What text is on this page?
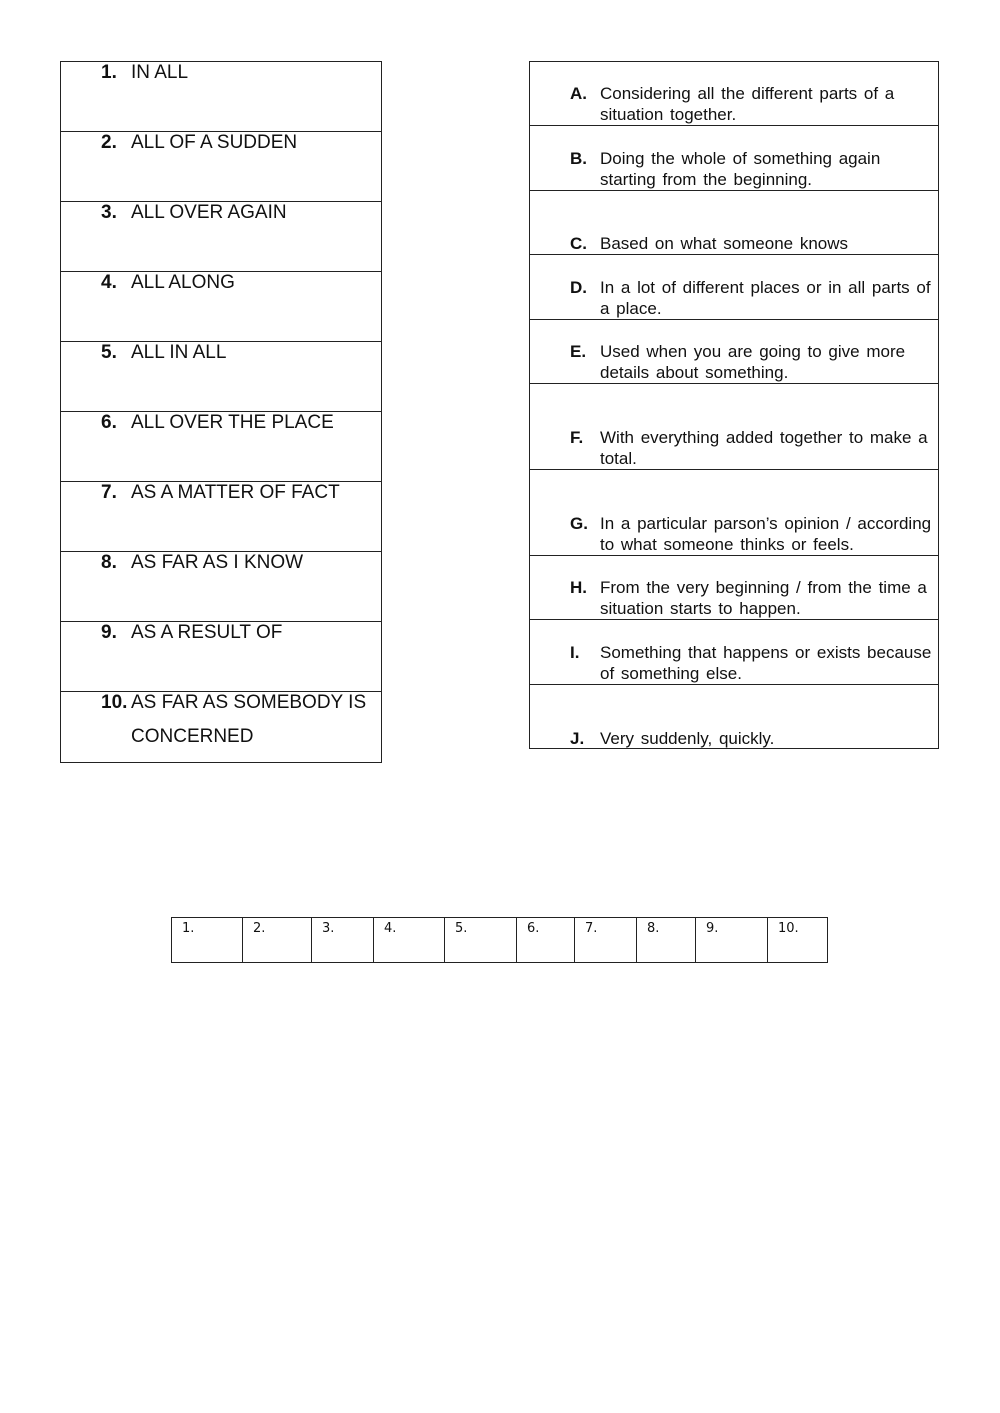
1. IN ALL
2. ALL OF A SUDDEN
3. ALL OVER AGAIN
4. ALL ALONG
5. ALL IN ALL
6. ALL OVER THE PLACE
7. AS A MATTER OF FACT
8. AS FAR AS I KNOW
9. AS A RESULT OF
10. AS FAR AS SOMEBODY IS CONCERNED
A. Considering all the different parts of a situation together.
B. Doing the whole of something again starting from the beginning.
C. Based on what someone knows
D. In a lot of different places or in all parts of a place.
E. Used when you are going to give more details about something.
F. With everything added together to make a total.
G. In a particular parson’s opinion / according to what someone thinks or feels.
H. From the very beginning / from the time a situation starts to happen.
I.	Something that happens or exists because of something else.
J. Very suddenly, quickly.
1.	2.	3.	4.	5.	6.	7.	8.	9.	10.
